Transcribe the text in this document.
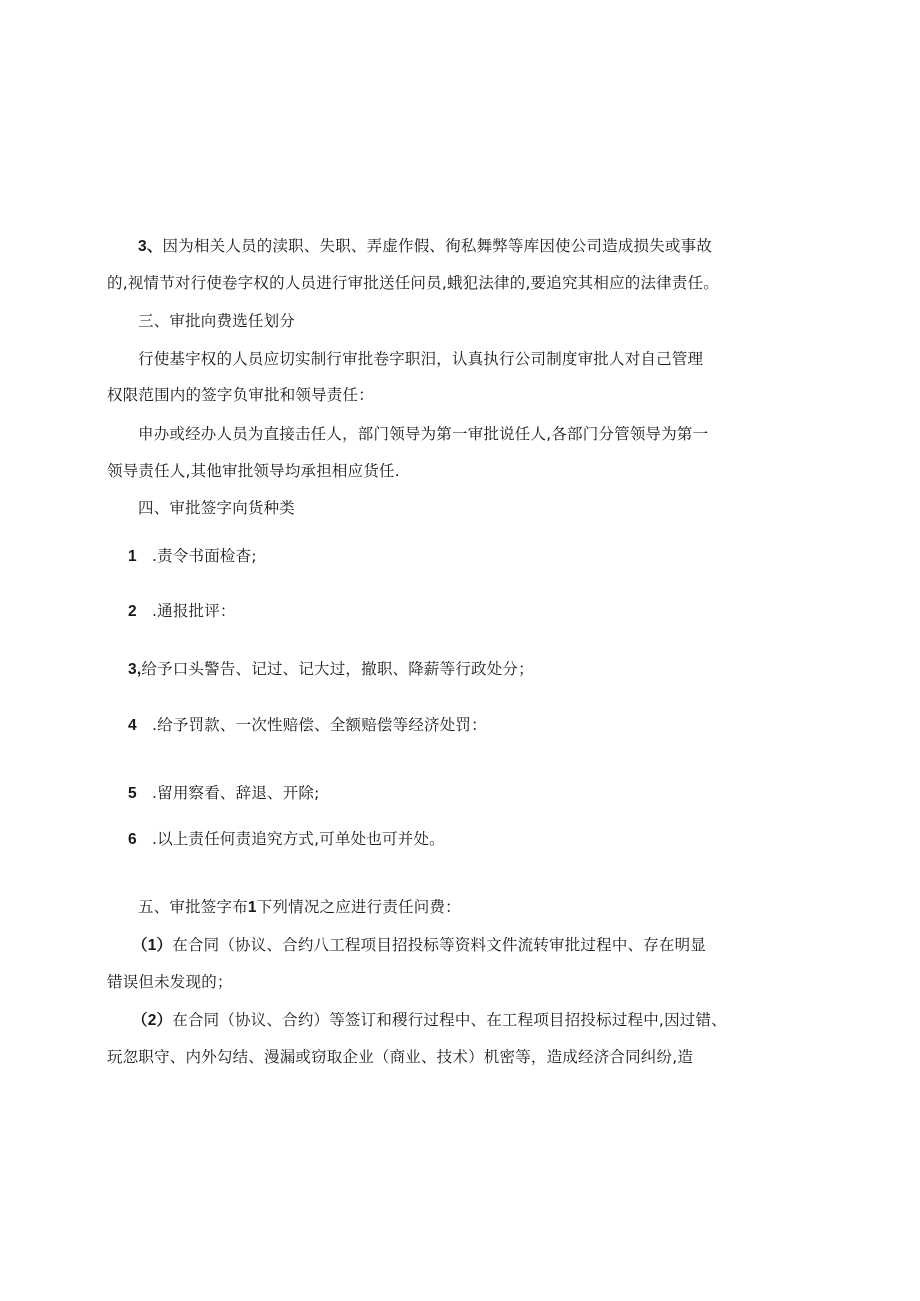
3、因为相关人员的渎职、失职、弄虚作假、徇私舞弊等库因使公司造成损失或事故

的,视情节对行使卷字权的人员进行审批送任问员,蛾犯法律的,要追究其相应的法律责任。

三、审批向费选任划分

行使基宇权的人员应切实制行审批卷字职汨，认真执行公司制度审批人对自己管理

权限范围内的签字负审批和领导责任：

申办或经办人员为直接击任人，部门领导为第一审批说任人,各部门分管领导为第一

领导责任人,其他审批领导均承担相应货任.

四、审批签字向货种类

1 .责令书面检杳;

2 .通报批评：

3,给予口头警告、记过、记大过，撤职、降薪等行政处分；

4 .给予罚款、一次性赔偿、全额赔偿等经济处罚：

5 .留用察看、辞退、开除;

6 .以上责任何责追究方式,可单处也可并处。

五、审批签字布1下列情况之应进行责任问费：

（1）在合同（协议、合约八工程项目招投标等资料文件流转审批过程中、存在明显

错误但未发现的；

（2）在合同（协议、合约）等签订和稷行过程中、在工程项目招投标过程中,因过错、

玩忽职守、内外勾结、漫漏或窃取企业（商业、技术）机密等，造成经济合同纠纷,造
